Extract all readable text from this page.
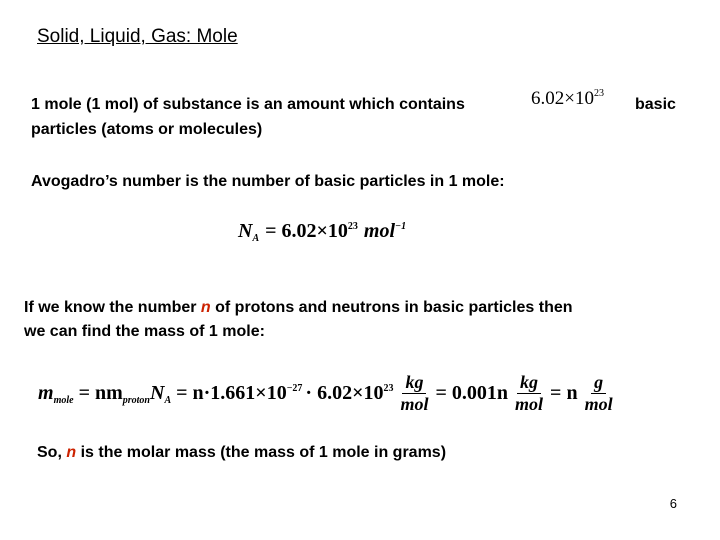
Solid, Liquid, Gas: Mole
1 mole (1 mol) of substance is an amount which contains	$6.02\times 10^{23}$
basic
particles (atoms or molecules)
Avogadro’s number is the number of basic particles in 1 mole:
$N_A = 6.02\times 10^{23}$ mol$^{-1}$
If we know the number n of protons and neutrons in basic particles then
we can find the mass of 1 mole:
$m_{mole} = nm_{proton}$ $N_A = n\cdot 1.661\times 10^{-27} \cdot 6.02\times 10^{23} \frac{kg}{\text{mol}} = 0.001n \frac{kg}{\text{mol}} = n \frac{g}{\text{mol}}$
So, n is the molar mass (the mass of 1 mole in grams)
6
